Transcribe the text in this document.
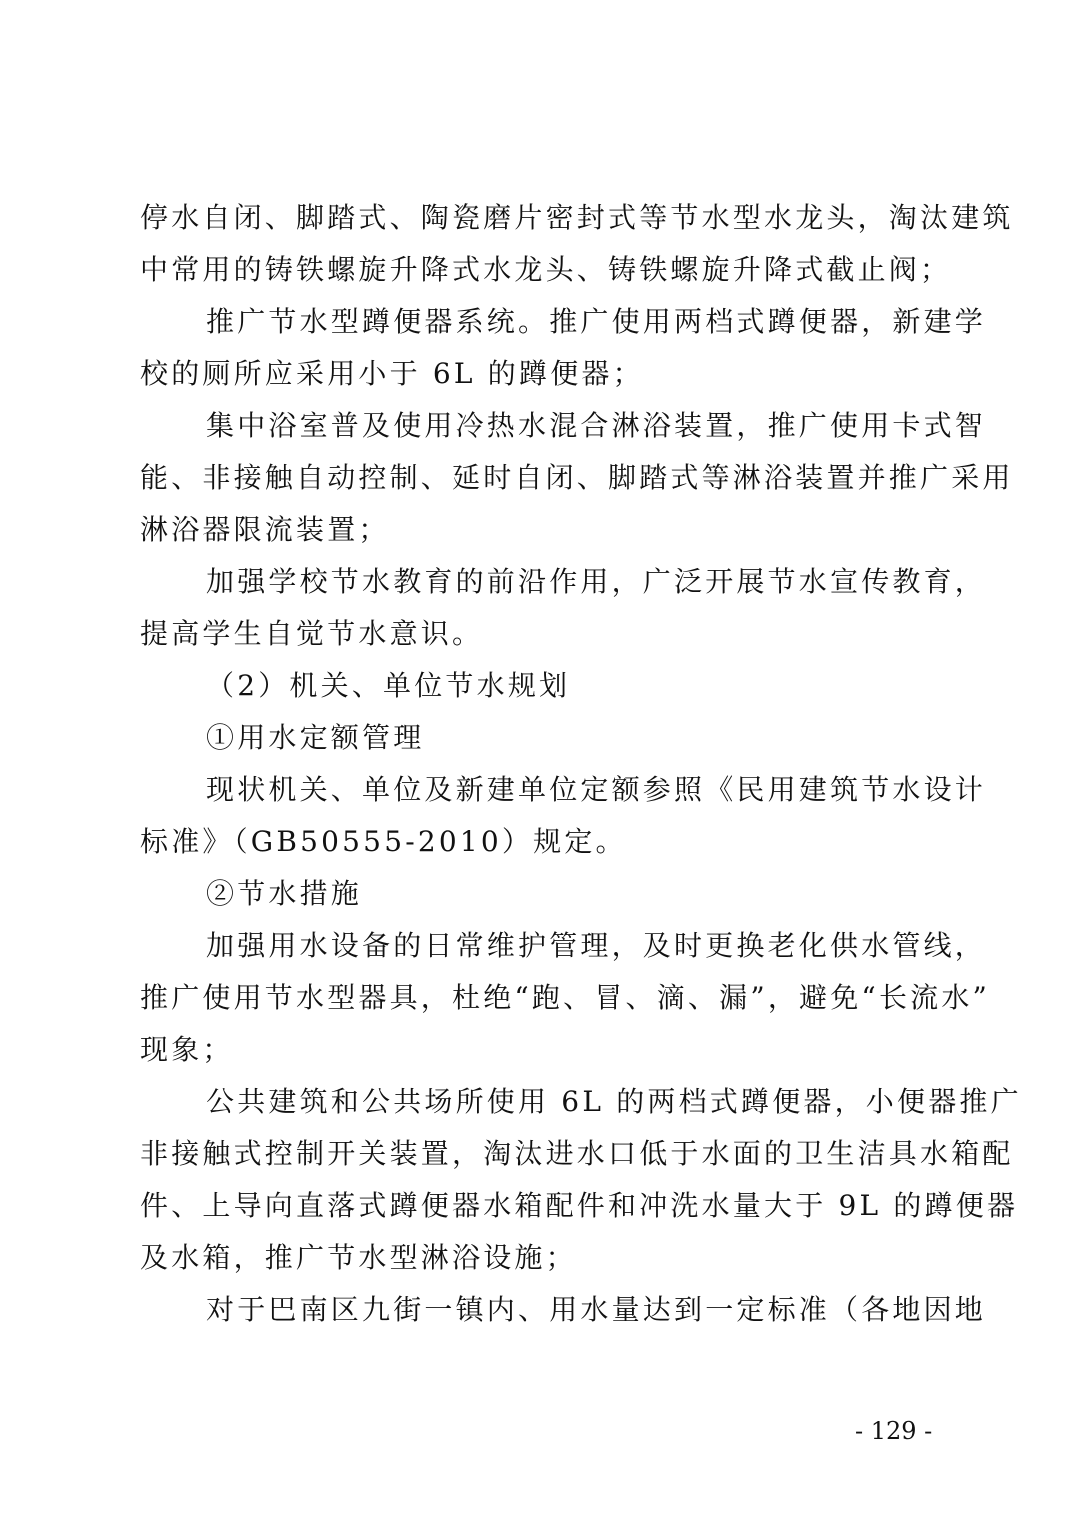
停水自闭、脚踏式、陶瓷磨片密封式等节水型水龙头，淘汰建筑
中常用的铸铁螺旋升降式水龙头、铸铁螺旋升降式截止阀；
推广节水型蹲便器系统。推广使用两档式蹲便器，新建学
校的厕所应采用小于 6L 的蹲便器；
集中浴室普及使用冷热水混合淋浴装置，推广使用卡式智
能、非接触自动控制、延时自闭、脚踏式等淋浴装置并推广采用
淋浴器限流装置；
加强学校节水教育的前沿作用，广泛开展节水宣传教育，
提高学生自觉节水意识。
（2）机关、单位节水规划
①用水定额管理
现状机关、单位及新建单位定额参照《民用建筑节水设计
标准》（GB50555-2010）规定。
②节水措施
加强用水设备的日常维护管理，及时更换老化供水管线，
推广使用节水型器具，杜绝“跑、冒、滴、漏”，避免“长流水”
现象；
公共建筑和公共场所使用 6L 的两档式蹲便器，小便器推广
非接触式控制开关装置，淘汰进水口低于水面的卫生洁具水箱配
件、上导向直落式蹲便器水箱配件和冲洗水量大于 9L 的蹲便器
及水箱，推广节水型淋浴设施；
对于巴南区九街一镇内、用水量达到一定标准（各地因地
- 129 -
